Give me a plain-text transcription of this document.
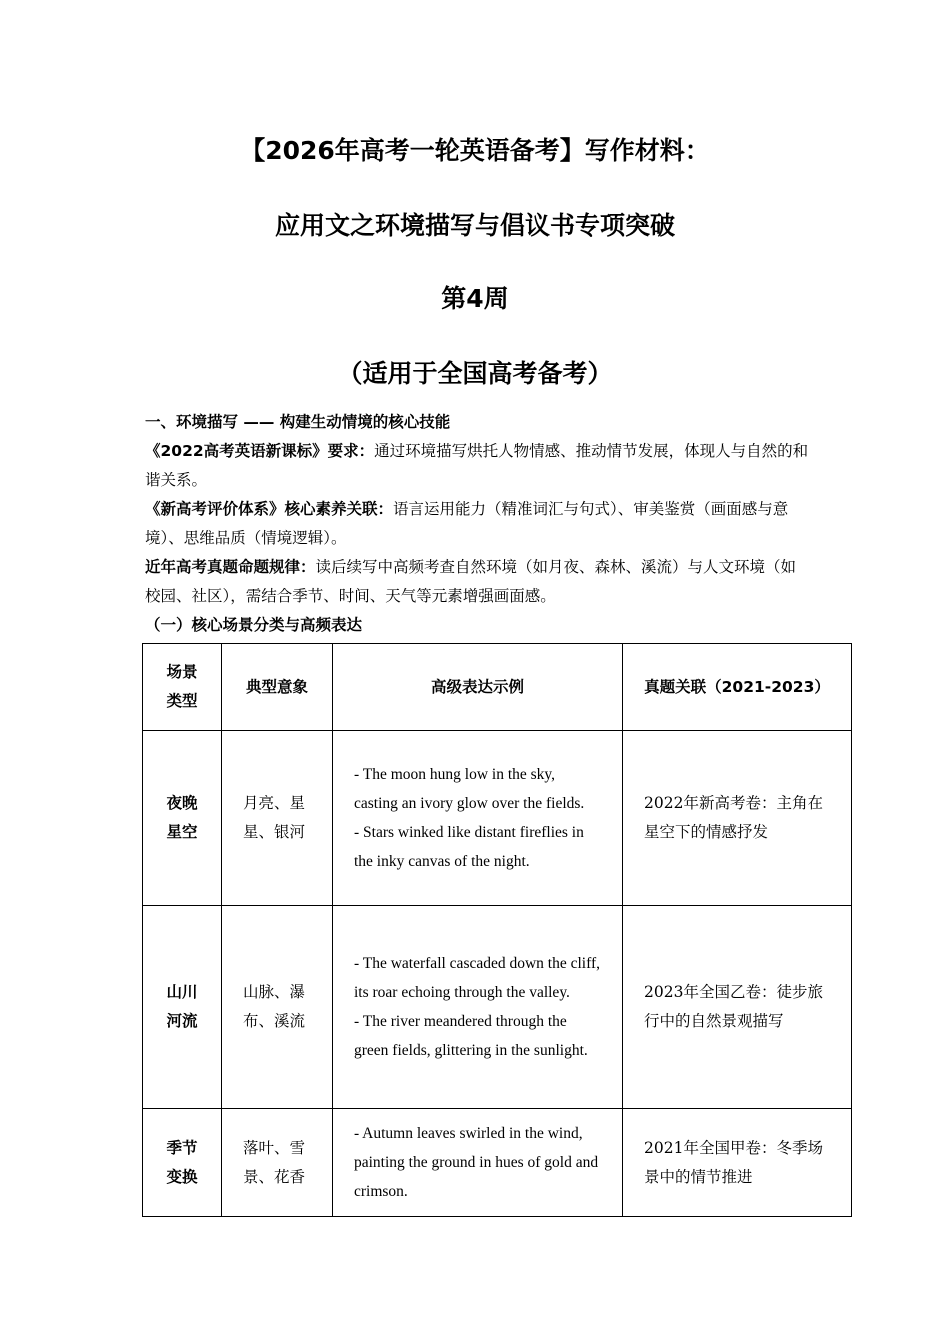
【2026年高考一轮英语备考】写作材料：
应用文之环境描写与倡议书专项突破
第4周
（适用于全国高考备考）
一、环境描写 —— 构建生动情境的核心技能
《2022高考英语新课标》要求：通过环境描写烘托人物情感、推动情节发展，体现人与自然的和谐关系。
《新高考评价体系》核心素养关联：语言运用能力（精准词汇与句式）、审美鉴赏（画面感与意境）、思维品质（情境逻辑）。
近年高考真题命题规律：读后续写中高频考查自然环境（如月夜、森林、溪流）与人文环境（如校园、社区），需结合季节、时间、天气等元素增强画面感。
（一）核心场景分类与高频表达
场景类型	典型意象	高级表达示例	真题关联（2021-2023）
夜晚星空	月亮、星星、银河	- The moon hung low in the sky, casting an ivory glow over the fields.
- Stars winked like distant fireflies in the inky canvas of the night.	2022年新高考卷：主角在星空下的情感抒发
山川河流	山脉、瀑布、溪流	- The waterfall cascaded down the cliff, its roar echoing through the valley.
- The river meandered through the green fields, glittering in the sunlight.	2023年全国乙卷：徒步旅行中的自然景观描写
季节变换	落叶、雪景、花香	- Autumn leaves swirled in the wind, painting the ground in hues of gold and crimson.	2021年全国甲卷：冬季场景中的情节推进
